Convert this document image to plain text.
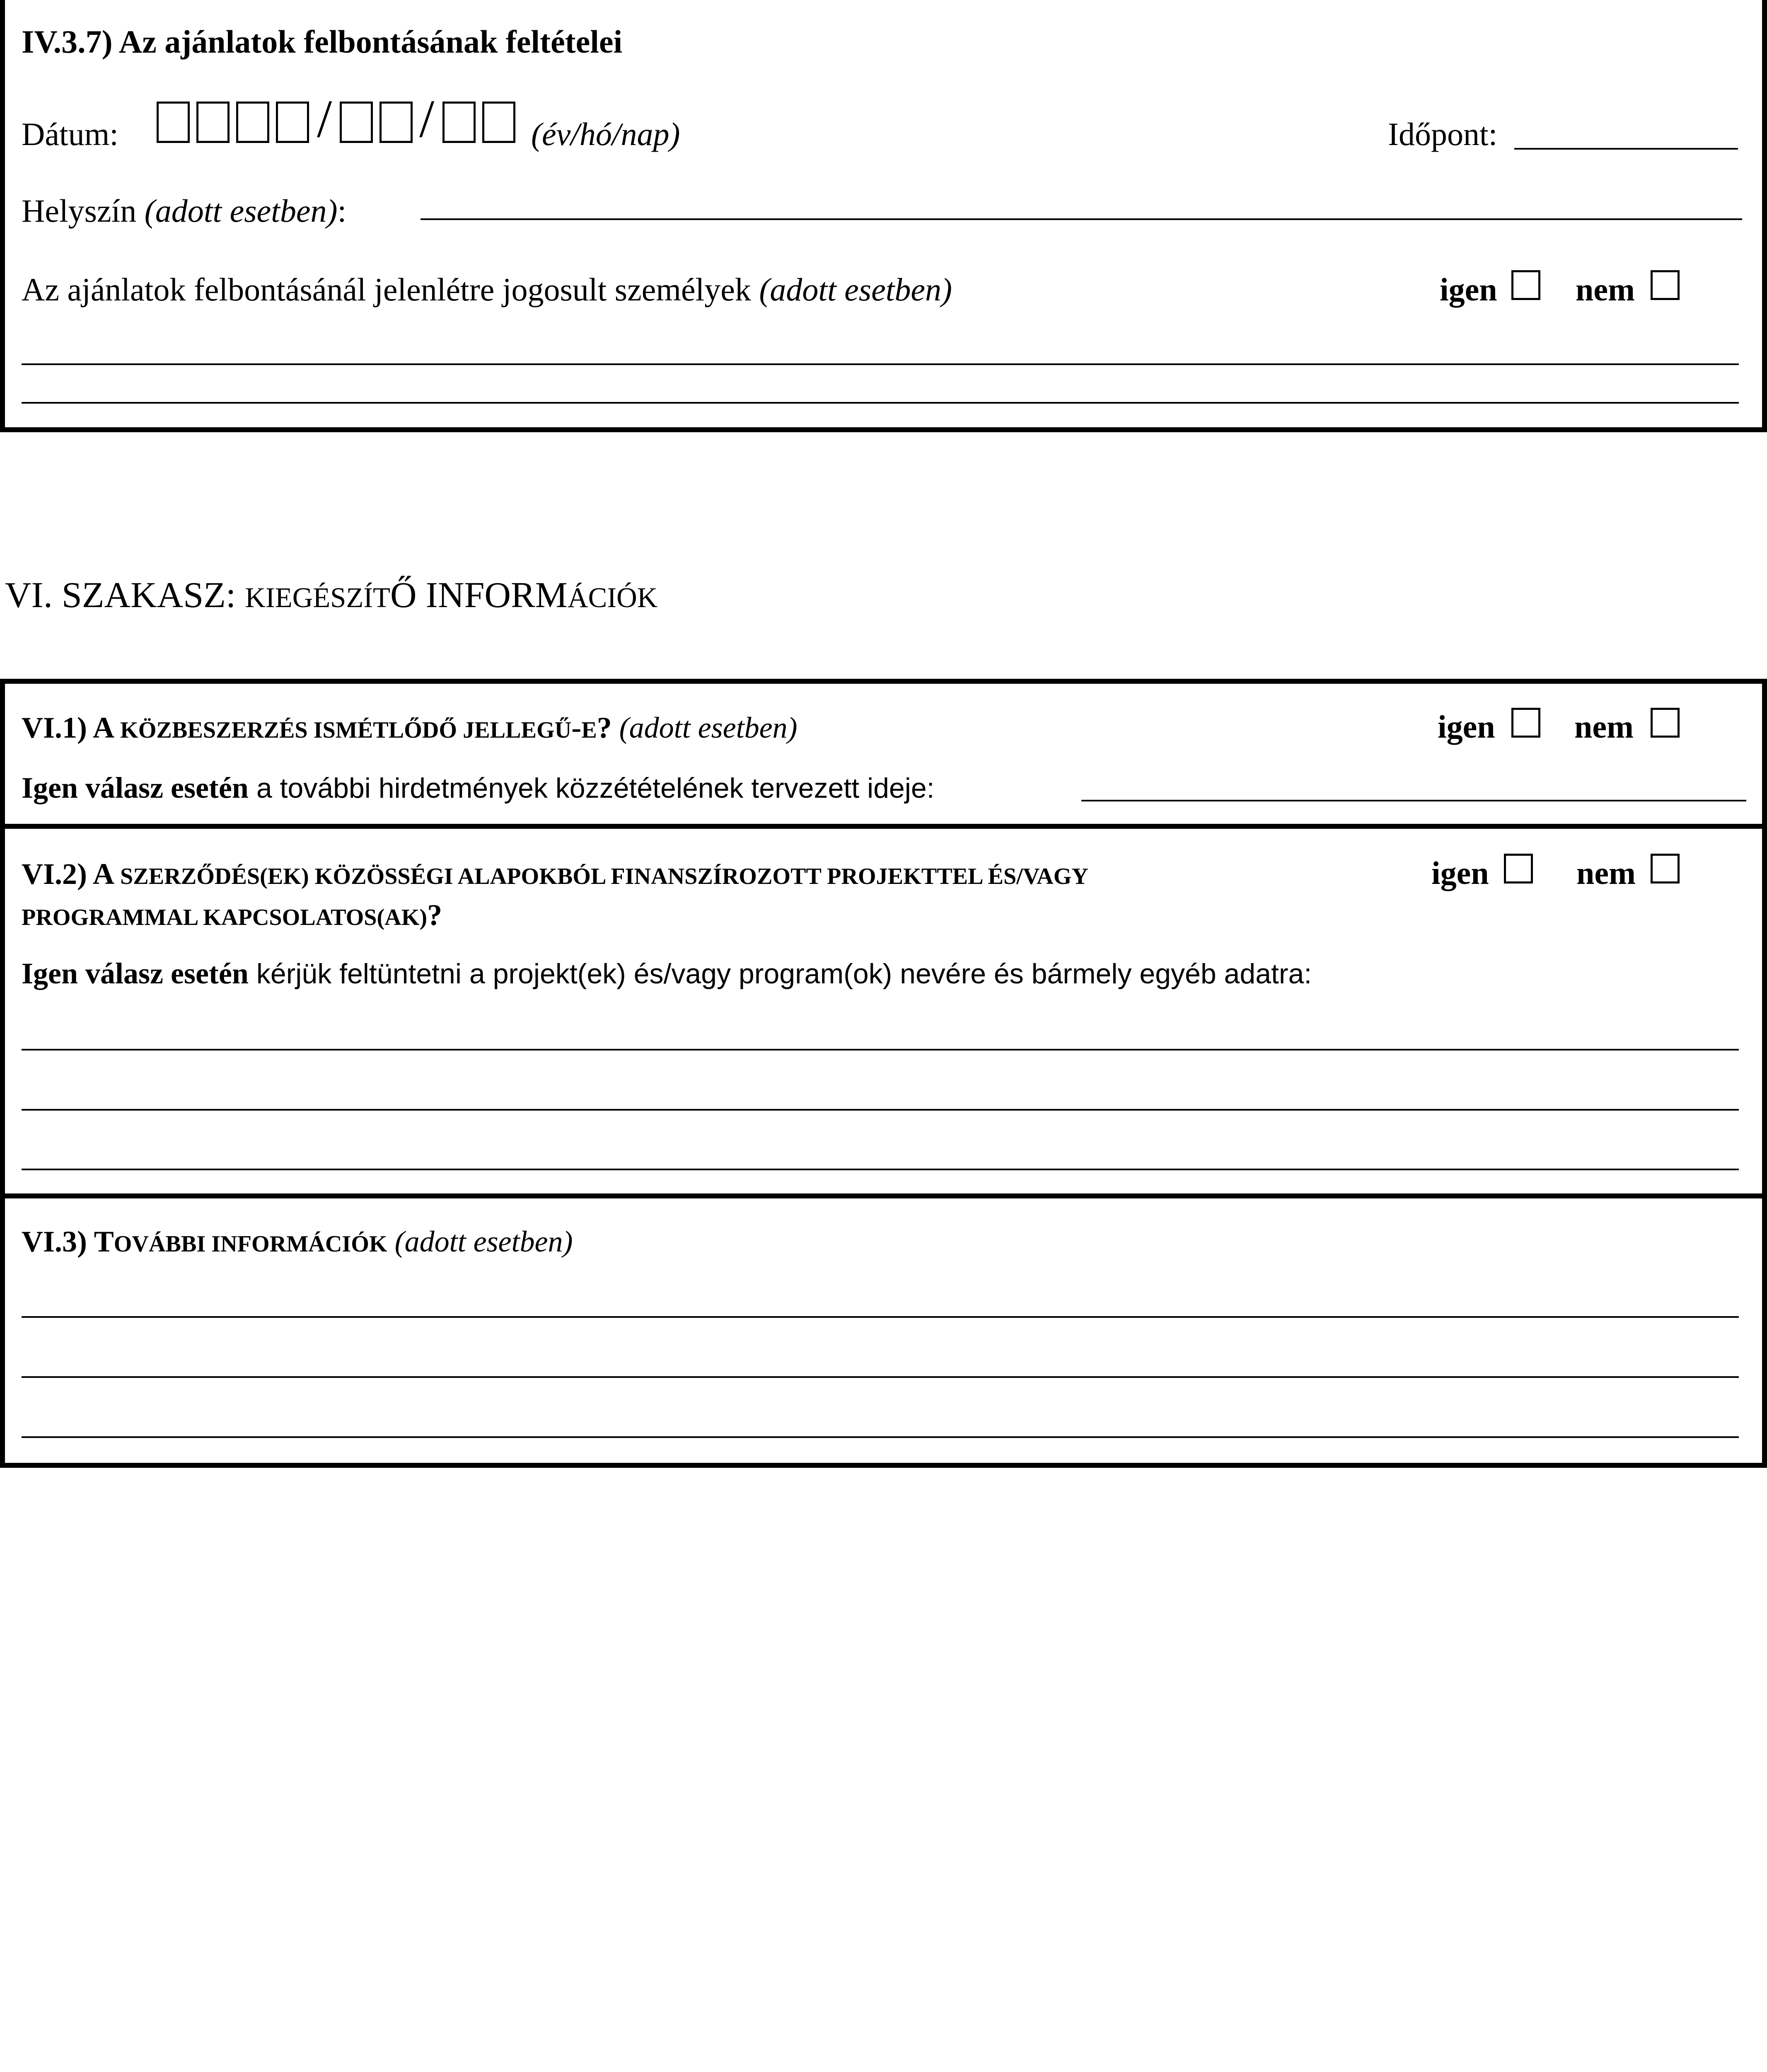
IV.3.7) Az ajánlatok felbontásának feltételei
Dátum:	/ /	(év/hó/nap)	Időpont:
Helyszín (adott esetben):
Az ajánlatok felbontásánál jelenlétre jogosult személyek (adott esetben)	igen nem
VI. SZAKASZ: KIEGÉSZÍTŐ INFORMÁCIÓK
VI.1) A KÖZBESZERZÉS ISMÉTLŐDŐ JELLEGŰ-E? (adott esetben)	igen nem
Igen válasz esetén a további hirdetmények közzétételének tervezett ideje:
VI.2) A SZERZŐDÉS(EK) KÖZÖSSÉGI ALAPOKBÓL FINANSZÍROZOTT PROJEKTTEL ÉS/VAGY
PROGRAMMAL KAPCSOLATOS(AK)?
igen	nem
Igen válasz esetén kérjük feltüntetni a projekt(ek) és/vagy program(ok) nevére és bármely egyéb adatra:
VI.3) TOVÁBBI INFORMÁCIÓK (adott esetben)
